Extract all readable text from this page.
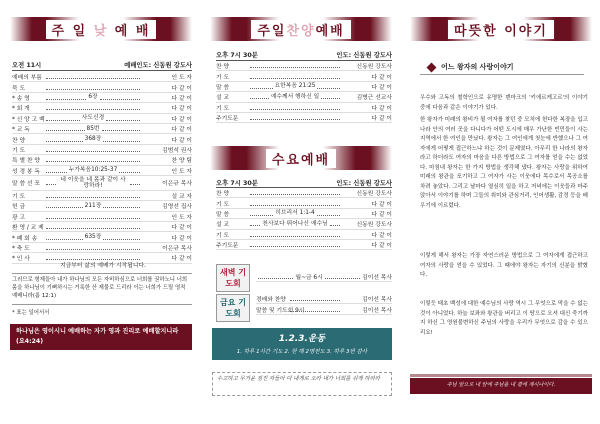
주 일 낮 예 배
오전 11시	예배인도: 신동원 강도사
예배의 부름	인 도 자
묵 도	다 같 이
* 송 영	6장	다 같 이
* 회 개	다 같 이
* 신 앙 고 백	사도신경	다 같 이
* 교 독	85번	다 같 이
찬 양	368장	다 같 이
기 도	김범석 권사
특 별 찬 양	찬 양 팀
성 경 봉 독	누가복음10:25-37	인 도 자
말 씀 선 포
네 이웃을 네 몸과 같이 사랑하라!	이은규 목사
기 도	설 교 자
헌 금	211장	김영선 집사
광 고	인 도 자
환 영 / 교 제	다 같 이
* 폐 회 송	635장	다 같 이
* 축 도	이은규 목사
* 인 사	다 같 이
지금부터 삶의 예배가 시작됩니다.
그러므로 형제들아 내가 하나님의 모든 자비하심으로 너희를 권하노니 너희 몸을 하나님이 기뻐하시는 거룩한 산 제물로 드리라 이는 너희가 드릴 영적 예배니라(롬 12:1)
* 표는 일어서서
하나님은 영이시니 예배하는 자가 영과 진리로 예배할지니라 (요4:24)
주일찬양예배
오후 7시 30분	인도: 신동원 강도사
찬 양	신동원 강도사
기 도	다 같 이
말 씀	요한복음 21:25	다 같 이
설 교	예수께서 행하신 일	김병근 선교사
기 도	다 같 이
주기도문	다 같 이
수요예배
오후 7시 30분	인도: 신동원 강도사
찬 양	신동원 강도사
기 도	다 같 이
말 씀	히브리서 1:1-4	다 같 이
설 교	천사보다 뛰어나신 예수님	신동원 강도사
기 도	다 같 이
주기도문	다 같 이
새벽 기도회
월~금 6시	김이선 목사
금요 기도회
경배와 찬양	김이선 목사
말씀 및 기도회 9시	김이선 목사
1.2.3.운동
1. 하루 1시간 기도 2. 한 해 2명전도 3. 하루 3번 감사
수고하고 무거운 짐진 자들아 다 내게로 오라 내가 너희를 쉬게 하리라
따뜻한 이야기
어느 왕자의 사랑이야기
우수와 고독의 철학인으로 유명한 덴마크의 '키에르케고르'의 이야기 중에 다음과 같은 이야기가 있다.
한 왕자가 미래의 왕비가 될 여자를 찾던 중 모처에 헌다한 복장을 입고 나라 안의 여러 곳을 다니다가 어떤 도시에 매우 가난한 빈민들이 사는 지역에서 한 여인을 만났다. 왕자는 그 여인에게 첫눈에 반했으나 그 여자에게 어떻게 접근하느냐 하는 것이 문제였다. 아무리 한 나라의 왕자라고 하더라도 여자의 마음을 다른 방법으로 그 여자를 얻을 수는 없었다. 마침내 왕자는 한 가지 방법을 생각해 냈다. 왕자는 사랑을 위하여 미래의 왕관을 포기하고 그 여자가 사는 이웃에다 목수로서 목공소를 차려 놓았다. 그리고 날마다 열심히 일을 하고 저녁에는 이웃들과 마주 앉아서 이야기를 하며 그들의 취미와 관심거리, 인어생활, 감정 등을 배우기에 이르렀다.
이렇게 해서 왕자는 가장 자연스러운 방법으로 그 여자에게 접근하고 여자의 사랑을 얻을 수 있었다. 그 때에야 왕자는 자기의 신분을 밝혔다.
이렇듯 태초 백성에 대한 예수님의 사랑 역시 그 무엇으로 막을 수 없는 것이 아니었다. 하늘 보좌와 왕관을 버리고 이 땅으로 오셔 대신 죽기까지 하신 그 영원불변하신 주님의 사랑을 우리가 무엇으로 갚을 수 있으리요!
주님 앞으로 내 앞에 주님을 내 곁에 계시나이다.
